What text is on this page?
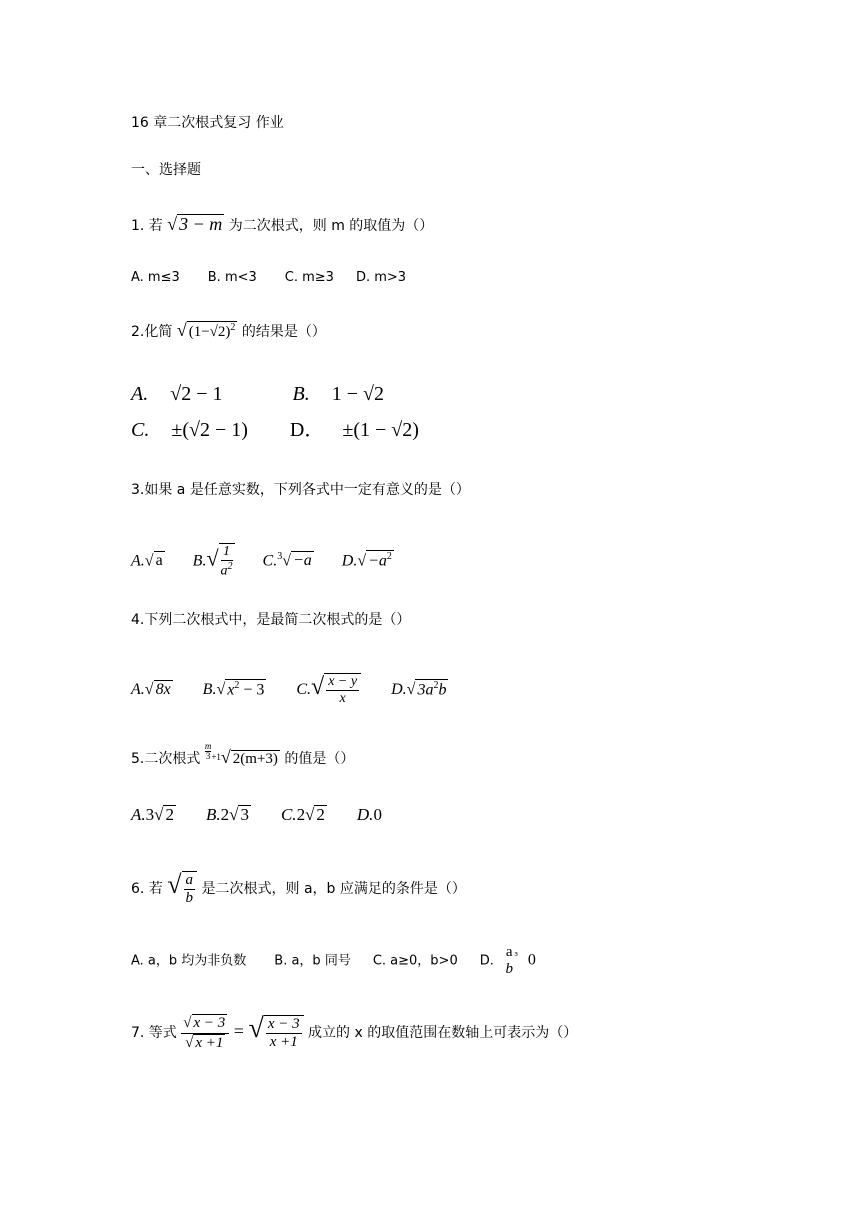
16 章二次根式复习 作业
一、选择题
1. 若 √ 3 − m 为二次根式，则 m 的取值为（）
A. m≤3 B. m<3 C. m≥3 D. m>3
2.化简 √ $(1-√2)^2$ 的结果是（）
A. √2 − 1	B. 1 − √2
C. ±(√2 − 1) D． ±(1 − √2)
3.如果 a 是任意实数，下列各式中一定有意义的是（）
A.√ a $B.√ \frac{1}{a^2} C.^3√ -a$ $D.√ -a^2$
4.下列二次根式中，是最简二次根式的是（）
A.√ 8x B.√ $x^2 - 3$ $C.√ \frac{x - y}{x} D.√$ $3a^2b$
5.二次根式 $\frac{m}{3} ^{+1}√$ 2(m+3) 的值是（）
A.3√ 2 B.2√ 3 C.2√ 2 D.0
6. 若 √ $\frac{a}{b}$ 是二次根式，则 a，b 应满足的条件是（）
A. a，b 均为非负数 B. a，b 同号 C. a≥0，b>0 D.
a
b
$^{^3}$ 0
7. 等式 $\frac{√ x - 3}{√ x +1}$ = √ $\frac{x - 3}{x +1}$ 成立的 x 的取值范围在数轴上可表示为（）
